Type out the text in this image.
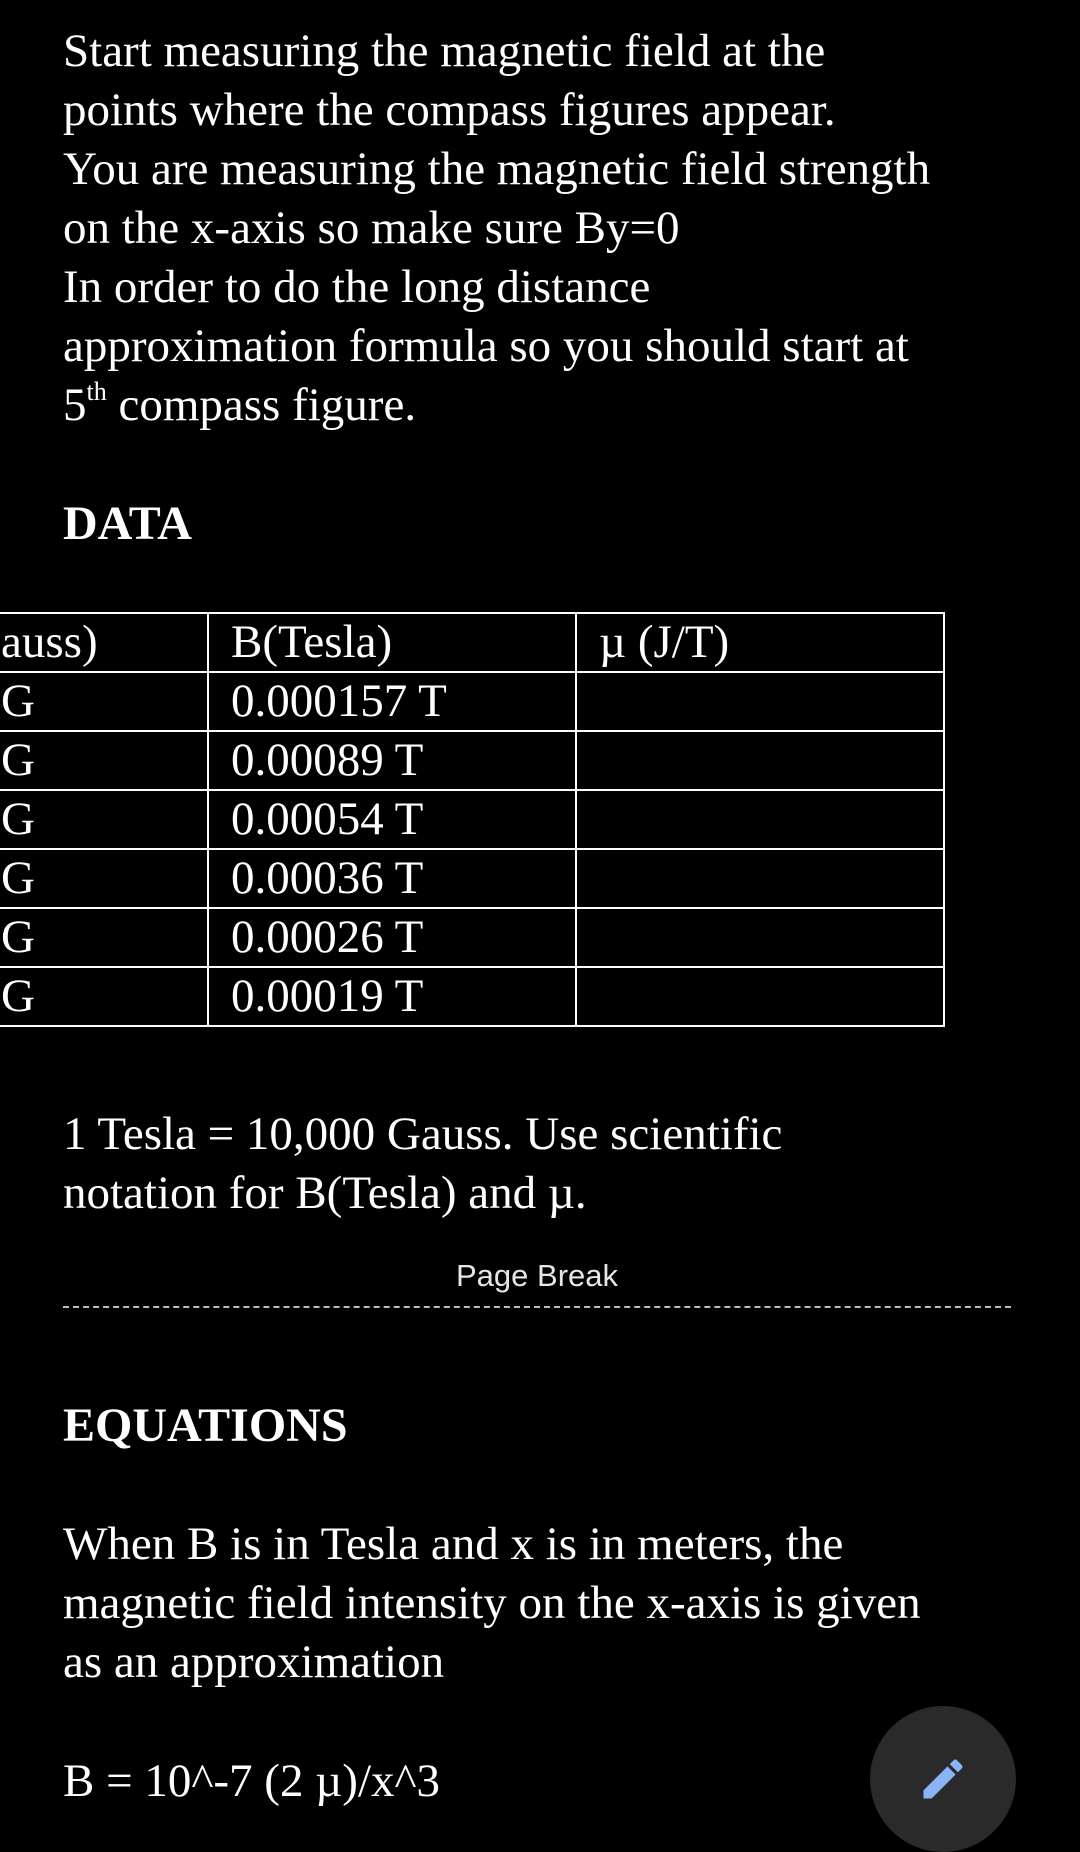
Start measuring the magnetic field at the
points where the compass figures appear.
You are measuring the magnetic field strength
on the x-axis so make sure By=0
In order to do the long distance
approximation formula so you should start at
5th compass figure.
DATA
auss)	B(Tesla)	µ (J/T)
G	0.000157 T	
G	0.00089 T	
G	0.00054 T	
G	0.00036 T	
G	0.00026 T	
G	0.00019 T	
1 Tesla = 10,000 Gauss. Use scientific
notation for B(Tesla) and µ.
Page Break
EQUATIONS
When B is in Tesla and x is in meters, the
magnetic field intensity on the x-axis is given
as an approximation
B = 10^-7 (2 µ)/x^3
